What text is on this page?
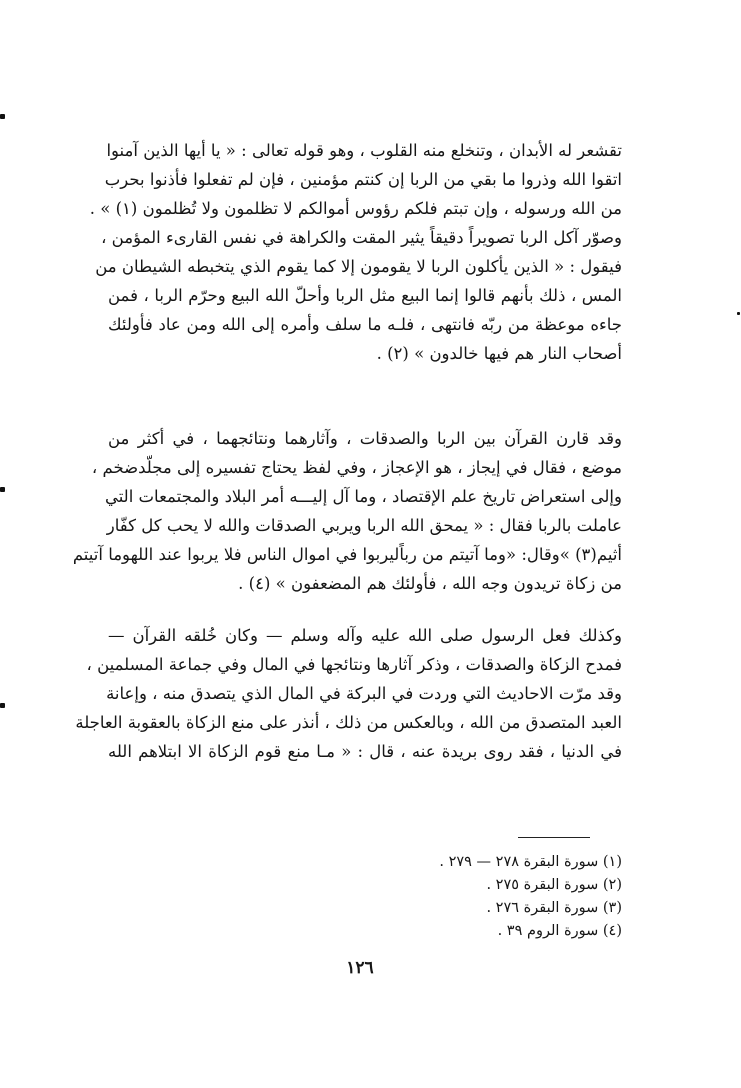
تقشعر له الأبدان ، وتنخلع منه القلوب ، وهو قوله تعالى : « يا أيها الذين آمنوا
اتقوا الله وذروا ما بقي من الربا إن كنتم مؤمنين ، فإن لم تفعلوا فأذنوا بحرب
من الله ورسوله ، وإن تبتم فلكم رؤوس أموالكم لا تظلمون ولا تُظلمون (١) » .
وصوّر آكل الربا تصويراً دقيقاً يثير المقت والكراهة في نفس القارىء المؤمن ،
فيقول : « الذين يأكلون الربا لا يقومون إلا كما يقوم الذي يتخبطه الشيطان من
المس ، ذلك بأنهم قالوا إنما البيع مثل الربا وأحلّ الله البيع وحرّم الربا ، فمن
جاءه موعظة من ربّه فانتهى ، فلـه ما سلف وأمره إلى الله ومن عاد فأولئك
أصحاب النار هم فيها خالدون » (٢) .
وقد قارن القرآن بين الربا والصدقات ، وآثارهما ونتائجهما ، في أكثر من
موضع ، فقال في إيجاز ، هو الإعجاز ، وفي لفظ يحتاج تفسيره إلى مجلّدضخم ،
وإلى استعراض تاريخ علم الإقتصاد ، وما آل إليـــه أمر البلاد والمجتمعات التي
عاملت بالربا فقال : « يمحق الله الربا ويربي الصدقات والله لا يحب كل كفّار
أثيم(٣) »وقال: «وما آتيتم من رباًليربوا في اموال الناس فلا يربوا عند اللهوما آتيتم
من زكاة تريدون وجه الله ، فأولئك هم المضعفون » (٤) .
وكذلك فعل الرسول صلى الله عليه وآله وسلم — وكان خُلقه القرآن —
فمدح الزكاة والصدقات ، وذكر آثارها ونتائجها في المال وفي جماعة المسلمين ،
وقد مرّت الاحاديث التي وردت في البركة في المال الذي يتصدق منه ، وإعانة
العبد المتصدق من الله ، وبالعكس من ذلك ، أنذر على منع الزكاة بالعقوبة العاجلة
في الدنيا ، فقد روى بريدة عنه ، قال : « مـا منع قوم الزكاة الا ابتلاهم الله
(١) سورة البقرة ٢٧٨ — ٢٧٩ .
(٢) سورة البقرة ٢٧٥ .
(٣) سورة البقرة ٢٧٦ .
(٤) سورة الروم ٣٩ .
١٢٦
